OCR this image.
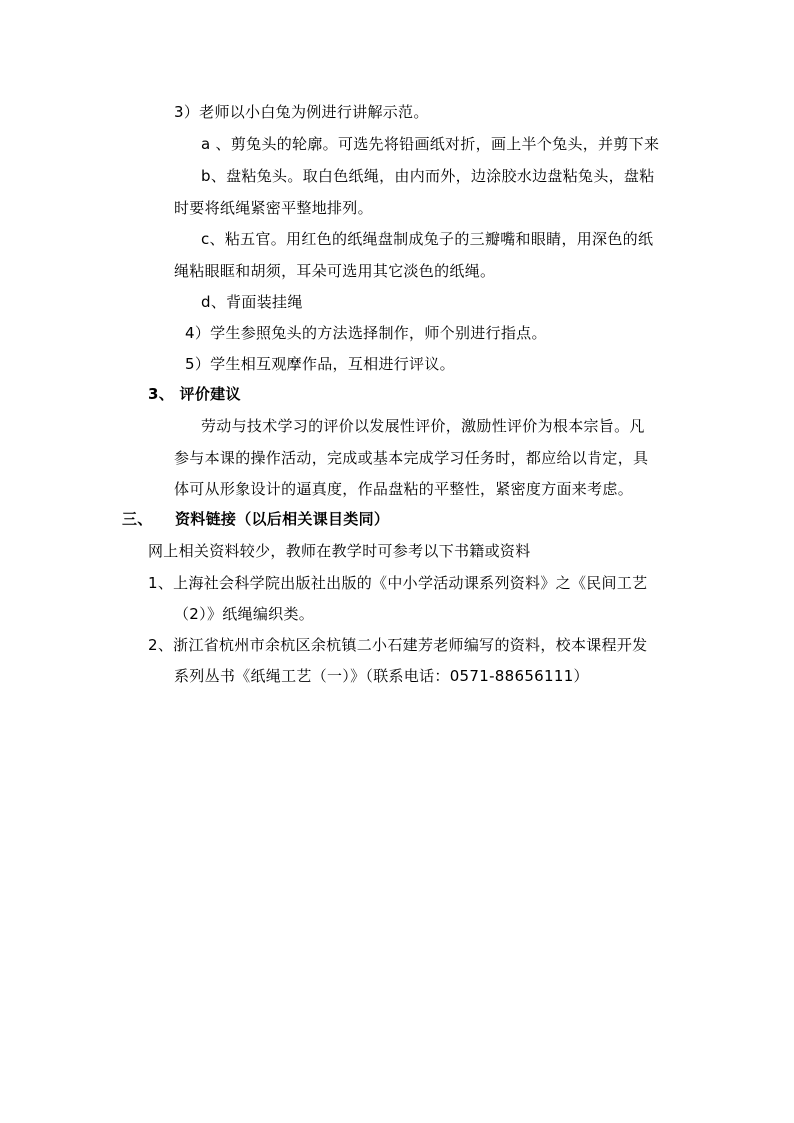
3）老师以小白兔为例进行讲解示范。
a 、剪兔头的轮廓。可选先将铅画纸对折，画上半个兔头，并剪下来
b、盘粘兔头。取白色纸绳，由内而外，边涂胶水边盘粘兔头，盘粘
时要将纸绳紧密平整地排列。
c、粘五官。用红色的纸绳盘制成兔子的三瓣嘴和眼睛，用深色的纸
绳粘眼眶和胡须，耳朵可选用其它淡色的纸绳。
d、背面装挂绳
4）学生参照兔头的方法选择制作，师个别进行指点。
5）学生相互观摩作品，互相进行评议。
3、 评价建议
劳动与技术学习的评价以发展性评价，激励性评价为根本宗旨。凡
参与本课的操作活动，完成或基本完成学习任务时，都应给以肯定，具
体可从形象设计的逼真度，作品盘粘的平整性，紧密度方面来考虑。
三、 资料链接（以后相关课目类同）
网上相关资料较少，教师在教学时可参考以下书籍或资料
1、上海社会科学院出版社出版的《中小学活动课系列资料》之《民间工艺
（2）》纸绳编织类。
2、浙江省杭州市余杭区余杭镇二小石建芳老师编写的资料，校本课程开发
系列丛书《纸绳工艺（一）》（联系电话：0571-88656111）
